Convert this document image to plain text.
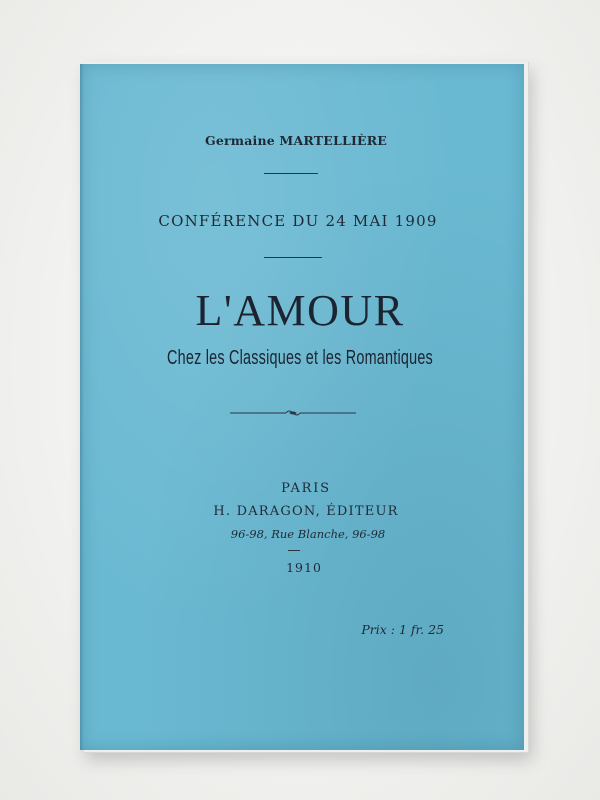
Germaine MARTELLIÈRE
CONFÉRENCE DU 24 MAI 1909
L'AMOUR
Chez les Classiques et les Romantiques
PARIS
H. DARAGON, ÉDITEUR
96-98, Rue Blanche, 96-98
1910
Prix : 1 fr. 25
